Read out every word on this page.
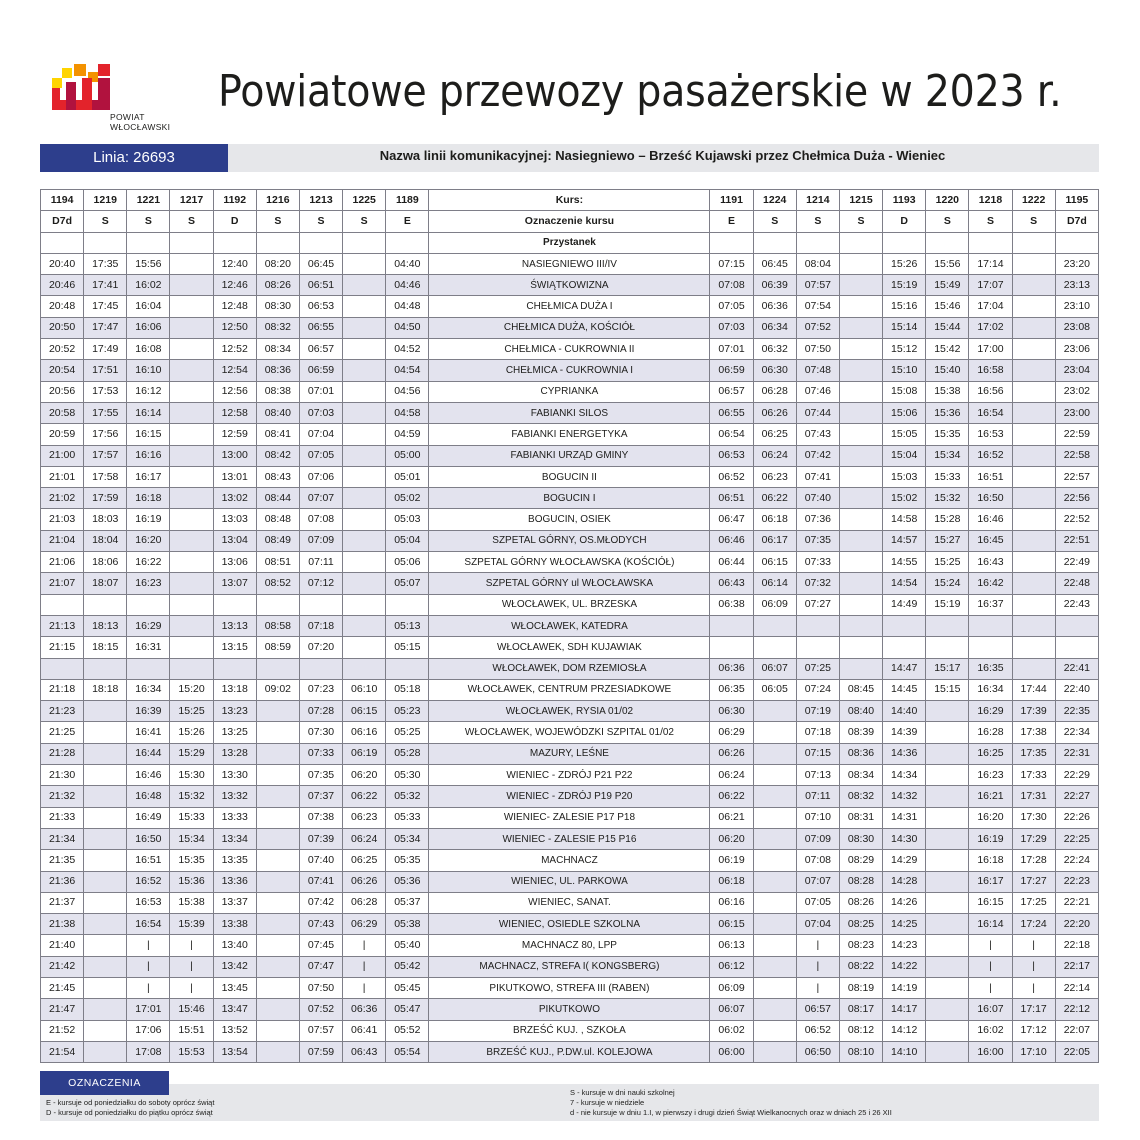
POWIAT
WŁOCŁAWSKI
Powiatowe przewozy pasażerskie w 2023 r.
Linia: 26693	Nazwa linii komunikacyjnej: Nasiegniewo – Brześć Kujawski przez Chełmica Duża - Wieniec
1194	1219	1221	1217	1192	1216	1213	1225	1189	Kurs:	1191	1224	1214	1215	1193	1220	1218	1222	1195
D7d	S	S	S	D	S	S	S	E	Oznaczenie kursu	E	S	S	S	D	S	S	S	D7d
									Przystanek									
20:40	17:35	15:56		12:40	08:20	06:45		04:40	NASIEGNIEWO III/IV	07:15	06:45	08:04		15:26	15:56	17:14		23:20
20:46	17:41	16:02		12:46	08:26	06:51		04:46	ŚWIĄTKOWIZNA	07:08	06:39	07:57		15:19	15:49	17:07		23:13
20:48	17:45	16:04		12:48	08:30	06:53		04:48	CHEŁMICA DUŻA I	07:05	06:36	07:54		15:16	15:46	17:04		23:10
20:50	17:47	16:06		12:50	08:32	06:55		04:50	CHEŁMICA DUŻA, KOŚCIÓŁ	07:03	06:34	07:52		15:14	15:44	17:02		23:08
20:52	17:49	16:08		12:52	08:34	06:57		04:52	CHEŁMICA - CUKROWNIA II	07:01	06:32	07:50		15:12	15:42	17:00		23:06
20:54	17:51	16:10		12:54	08:36	06:59		04:54	CHEŁMICA - CUKROWNIA I	06:59	06:30	07:48		15:10	15:40	16:58		23:04
20:56	17:53	16:12		12:56	08:38	07:01		04:56	CYPRIANKA	06:57	06:28	07:46		15:08	15:38	16:56		23:02
20:58	17:55	16:14		12:58	08:40	07:03		04:58	FABIANKI SILOS	06:55	06:26	07:44		15:06	15:36	16:54		23:00
20:59	17:56	16:15		12:59	08:41	07:04		04:59	FABIANKI ENERGETYKA	06:54	06:25	07:43		15:05	15:35	16:53		22:59
21:00	17:57	16:16		13:00	08:42	07:05		05:00	FABIANKI URZĄD GMINY	06:53	06:24	07:42		15:04	15:34	16:52		22:58
21:01	17:58	16:17		13:01	08:43	07:06		05:01	BOGUCIN II	06:52	06:23	07:41		15:03	15:33	16:51		22:57
21:02	17:59	16:18		13:02	08:44	07:07		05:02	BOGUCIN I	06:51	06:22	07:40		15:02	15:32	16:50		22:56
21:03	18:03	16:19		13:03	08:48	07:08		05:03	BOGUCIN, OSIEK	06:47	06:18	07:36		14:58	15:28	16:46		22:52
21:04	18:04	16:20		13:04	08:49	07:09		05:04	SZPETAL GÓRNY, OS.MŁODYCH	06:46	06:17	07:35		14:57	15:27	16:45		22:51
21:06	18:06	16:22		13:06	08:51	07:11		05:06	SZPETAL GÓRNY WŁOCŁAWSKA (KOŚCIÓŁ)	06:44	06:15	07:33		14:55	15:25	16:43		22:49
21:07	18:07	16:23		13:07	08:52	07:12		05:07	SZPETAL GÓRNY ul WŁOCŁAWSKA	06:43	06:14	07:32		14:54	15:24	16:42		22:48
									WŁOCŁAWEK, UL. BRZESKA	06:38	06:09	07:27		14:49	15:19	16:37		22:43
21:13	18:13	16:29		13:13	08:58	07:18		05:13	WŁOCŁAWEK, KATEDRA									
21:15	18:15	16:31		13:15	08:59	07:20		05:15	WŁOCŁAWEK, SDH KUJAWIAK									
									WŁOCŁAWEK, DOM RZEMIOSŁA	06:36	06:07	07:25		14:47	15:17	16:35		22:41
21:18	18:18	16:34	15:20	13:18	09:02	07:23	06:10	05:18	WŁOCŁAWEK, CENTRUM PRZESIADKOWE	06:35	06:05	07:24	08:45	14:45	15:15	16:34	17:44	22:40
21:23		16:39	15:25	13:23		07:28	06:15	05:23	WŁOCŁAWEK, RYSIA 01/02	06:30		07:19	08:40	14:40		16:29	17:39	22:35
21:25		16:41	15:26	13:25		07:30	06:16	05:25	WŁOCŁAWEK, WOJEWÓDZKI SZPITAL 01/02	06:29		07:18	08:39	14:39		16:28	17:38	22:34
21:28		16:44	15:29	13:28		07:33	06:19	05:28	MAZURY, LEŚNE	06:26		07:15	08:36	14:36		16:25	17:35	22:31
21:30		16:46	15:30	13:30		07:35	06:20	05:30	WIENIEC - ZDRÓJ P21 P22	06:24		07:13	08:34	14:34		16:23	17:33	22:29
21:32		16:48	15:32	13:32		07:37	06:22	05:32	WIENIEC - ZDRÓJ P19 P20	06:22		07:11	08:32	14:32		16:21	17:31	22:27
21:33		16:49	15:33	13:33		07:38	06:23	05:33	WIENIEC- ZALESIE P17 P18	06:21		07:10	08:31	14:31		16:20	17:30	22:26
21:34		16:50	15:34	13:34		07:39	06:24	05:34	WIENIEC - ZALESIE P15 P16	06:20		07:09	08:30	14:30		16:19	17:29	22:25
21:35		16:51	15:35	13:35		07:40	06:25	05:35	MACHNACZ	06:19		07:08	08:29	14:29		16:18	17:28	22:24
21:36		16:52	15:36	13:36		07:41	06:26	05:36	WIENIEC, UL. PARKOWA	06:18		07:07	08:28	14:28		16:17	17:27	22:23
21:37		16:53	15:38	13:37		07:42	06:28	05:37	WIENIEC, SANAT.	06:16		07:05	08:26	14:26		16:15	17:25	22:21
21:38		16:54	15:39	13:38		07:43	06:29	05:38	WIENIEC, OSIEDLE SZKOLNA	06:15		07:04	08:25	14:25		16:14	17:24	22:20
21:40		|	|	13:40		07:45	|	05:40	MACHNACZ 80, LPP	06:13		|	08:23	14:23		|	|	22:18
21:42		|	|	13:42		07:47	|	05:42	MACHNACZ, STREFA I( KONGSBERG)	06:12		|	08:22	14:22		|	|	22:17
21:45		|	|	13:45		07:50	|	05:45	PIKUTKOWO, STREFA III (RABEN)	06:09		|	08:19	14:19		|	|	22:14
21:47		17:01	15:46	13:47		07:52	06:36	05:47	PIKUTKOWO	06:07		06:57	08:17	14:17		16:07	17:17	22:12
21:52		17:06	15:51	13:52		07:57	06:41	05:52	BRZEŚĆ KUJ. , SZKOŁA	06:02		06:52	08:12	14:12		16:02	17:12	22:07
21:54		17:08	15:53	13:54		07:59	06:43	05:54	BRZEŚĆ KUJ., P.DW.ul. KOLEJOWA	06:00		06:50	08:10	14:10		16:00	17:10	22:05
OZNACZENIA
E - kursuje od poniedziałku do soboty oprócz świąt
D - kursuje od poniedziałku do piątku oprócz świąt
S - kursuje w dni nauki szkolnej
7 - kursuje w niedziele
d - nie kursuje w dniu 1.I, w pierwszy i drugi dzień Świąt Wielkanocnych oraz w dniach 25 i 26 XII
